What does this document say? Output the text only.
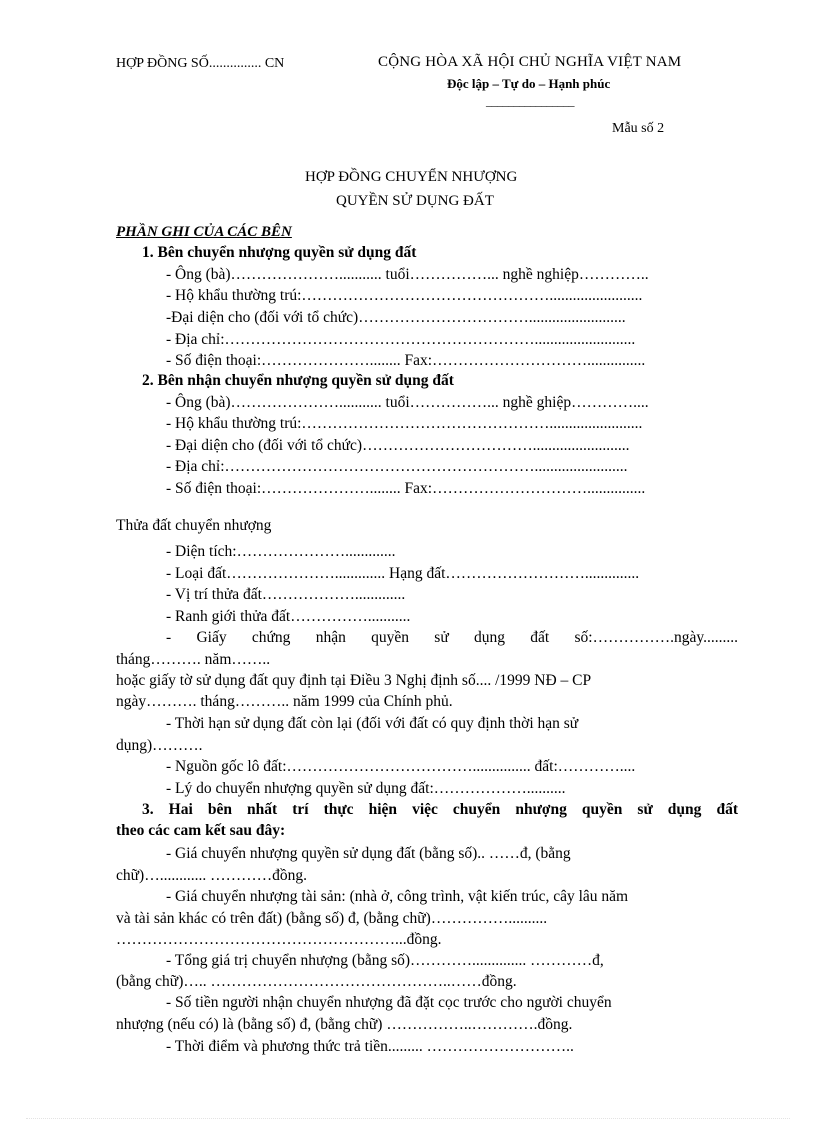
HỢP ĐỒNG SỐ............... CN	CỘNG HÒA XÃ HỘI CHỦ NGHĨA VIỆT NAM
Độc lập – Tự do – Hạnh phúc
________________
Mẫu số 2
HỢP ĐỒNG CHUYỂN NHƯỢNG
QUYỀN SỬ DỤNG ĐẤT
PHẦN GHI CỦA CÁC BÊN
1. Bên chuyển nhượng quyền sử dụng đất
- Ông (bà)…………………........... tuổi……………... nghề nghiệp…………..
- Hộ khẩu thường trú:…………………………………………........................
-Đại diện cho (đối với tổ chức)…………………………….........................
- Địa chỉ:……………………………………………………..........................
- Số điện thoại:…………………........ Fax:…………………………...............
2. Bên nhận chuyển nhượng quyền sử dụng đất
- Ông (bà)…………………........... tuổi……………... nghề ghiệp…………....
- Hộ khẩu thường trú:…………………………………………........................
- Đại diện cho (đối với tổ chức)…………………………….........................
- Địa chỉ:……………………………………………………........................
- Số điện thoại:…………………........ Fax:…………………………...............
Thửa đất chuyển nhượng
- Diện tích:………………….............
- Loại đất…………………............. Hạng đất………………………..............
- Vị trí thửa đất……………….............
- Ranh giới thửa đất……………...........
- Giấy chứng nhận quyền sử dụng đất số:…………….ngày.........
tháng………. năm……..
hoặc giấy tờ sử dụng đất quy định tại Điều 3 Nghị định số.... /1999 NĐ – CP
ngày………. tháng……….. năm 1999 của Chính phủ.
- Thời hạn sử dụng đất còn lại (đối với đất có quy định thời hạn sử
dụng)……….
- Nguồn gốc lô đất:………………………………............... đất:…………....
- Lý do chuyển nhượng quyền sử dụng đất:………………..........
3. Hai bên nhất trí thực hiện việc chuyển nhượng quyền sử dụng đất
theo các cam kết sau đây:
- Giá chuyển nhượng quyền sử dụng đất (bằng số).. ……đ, (bằng
chữ)…............ …………đồng.
- Giá chuyển nhượng tài sản: (nhà ở, công trình, vật kiến trúc, cây lâu năm
và tài sản khác có trên đất) (bằng số) đ, (bằng chữ)……………..........
………………………………………………...đồng.
- Tổng giá trị chuyển nhượng (bằng số)………….............. …………đ,
(bằng chữ)….. ………………………………………..……đồng.
- Số tiền người nhận chuyển nhượng đã đặt cọc trước cho người chuyển
nhượng (nếu có) là (bằng số) đ, (bằng chữ) ……………..………….đồng.
- Thời điểm và phương thức trả tiền......... ………………………..
